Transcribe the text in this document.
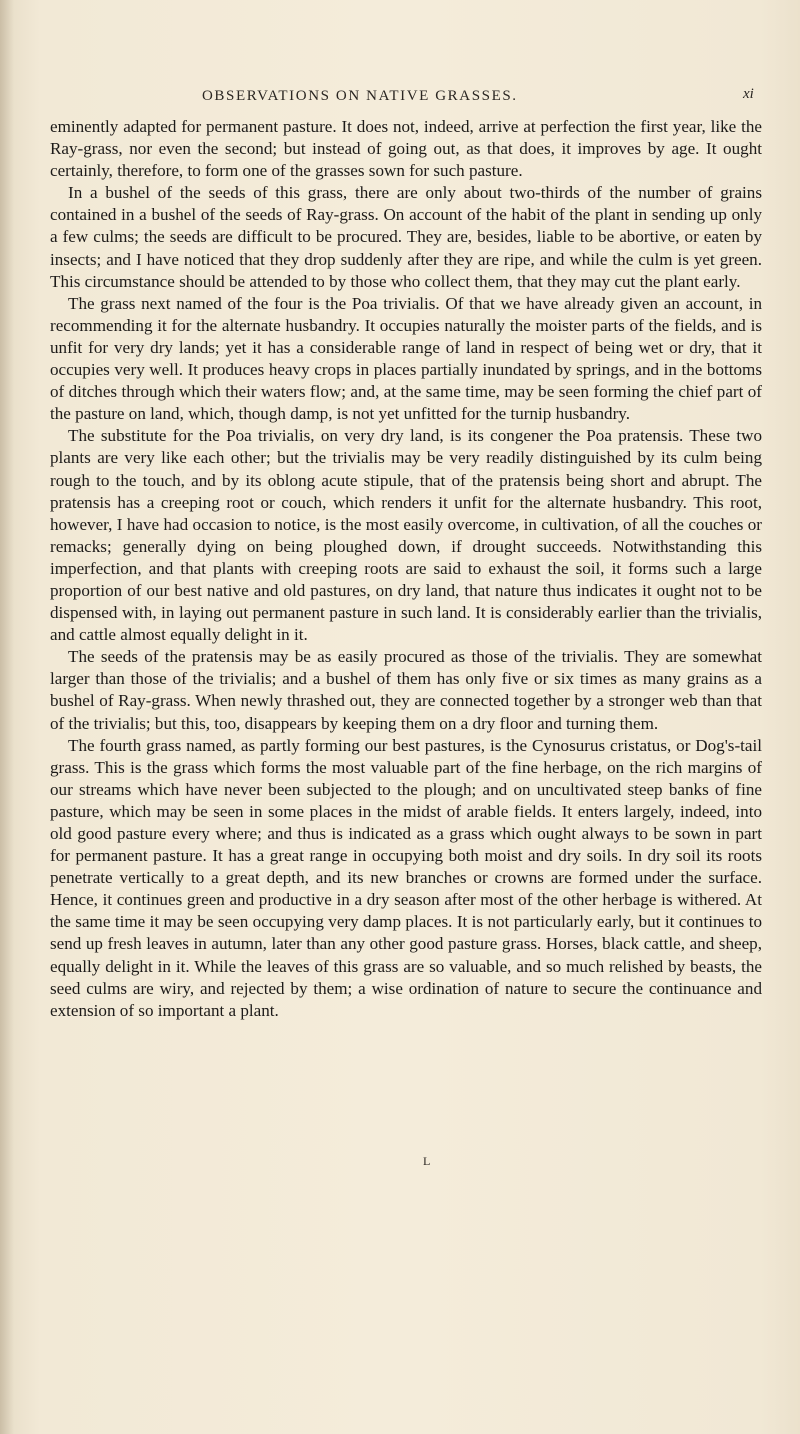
OBSERVATIONS ON NATIVE GRASSES.	xi

eminently adapted for permanent pasture. It does not, indeed, arrive at perfection the first year, like the Ray-grass, nor even the second; but instead of going out, as that does, it improves by age. It ought certainly, therefore, to form one of the grasses sown for such pasture.

In a bushel of the seeds of this grass, there are only about two-thirds of the number of grains contained in a bushel of the seeds of Ray-grass. On account of the habit of the plant in sending up only a few culms; the seeds are difficult to be procured. They are, besides, liable to be abortive, or eaten by insects; and I have noticed that they drop suddenly after they are ripe, and while the culm is yet green. This circumstance should be attended to by those who collect them, that they may cut the plant early.

The grass next named of the four is the Poa trivialis. Of that we have already given an account, in recommending it for the alternate husbandry. It occupies naturally the moister parts of the fields, and is unfit for very dry lands; yet it has a considerable range of land in respect of being wet or dry, that it occupies very well. It produces heavy crops in places partially inundated by springs, and in the bottoms of ditches through which their waters flow; and, at the same time, may be seen forming the chief part of the pasture on land, which, though damp, is not yet unfitted for the turnip husbandry.

The substitute for the Poa trivialis, on very dry land, is its congener the Poa pratensis. These two plants are very like each other; but the trivialis may be very readily distinguished by its culm being rough to the touch, and by its oblong acute stipule, that of the pratensis being short and abrupt. The pratensis has a creeping root or couch, which renders it unfit for the alternate husbandry. This root, however, I have had occasion to notice, is the most easily overcome, in cultivation, of all the couches or remacks; generally dying on being ploughed down, if drought succeeds. Notwithstanding this imperfection, and that plants with creeping roots are said to exhaust the soil, it forms such a large proportion of our best native and old pastures, on dry land, that nature thus indicates it ought not to be dispensed with, in laying out permanent pasture in such land. It is considerably earlier than the trivialis, and cattle almost equally delight in it.

The seeds of the pratensis may be as easily procured as those of the trivialis. They are somewhat larger than those of the trivialis; and a bushel of them has only five or six times as many grains as a bushel of Ray-grass. When newly thrashed out, they are connected together by a stronger web than that of the trivialis; but this, too, disappears by keeping them on a dry floor and turning them.

The fourth grass named, as partly forming our best pastures, is the Cynosurus cristatus, or Dog's-tail grass. This is the grass which forms the most valuable part of the fine herbage, on the rich margins of our streams which have never been subjected to the plough; and on uncultivated steep banks of fine pasture, which may be seen in some places in the midst of arable fields. It enters largely, indeed, into old good pasture every where; and thus is indicated as a grass which ought always to be sown in part for permanent pasture. It has a great range in occupying both moist and dry soils. In dry soil its roots penetrate vertically to a great depth, and its new branches or crowns are formed under the surface. Hence, it continues green and productive in a dry season after most of the other herbage is withered. At the same time it may be seen occupying very damp places. It is not particularly early, but it continues to send up fresh leaves in autumn, later than any other good pasture grass. Horses, black cattle, and sheep, equally delight in it. While the leaves of this grass are so valuable, and so much relished by beasts, the seed culms are wiry, and rejected by them; a wise ordination of nature to secure the continuance and extension of so important a plant.

L
